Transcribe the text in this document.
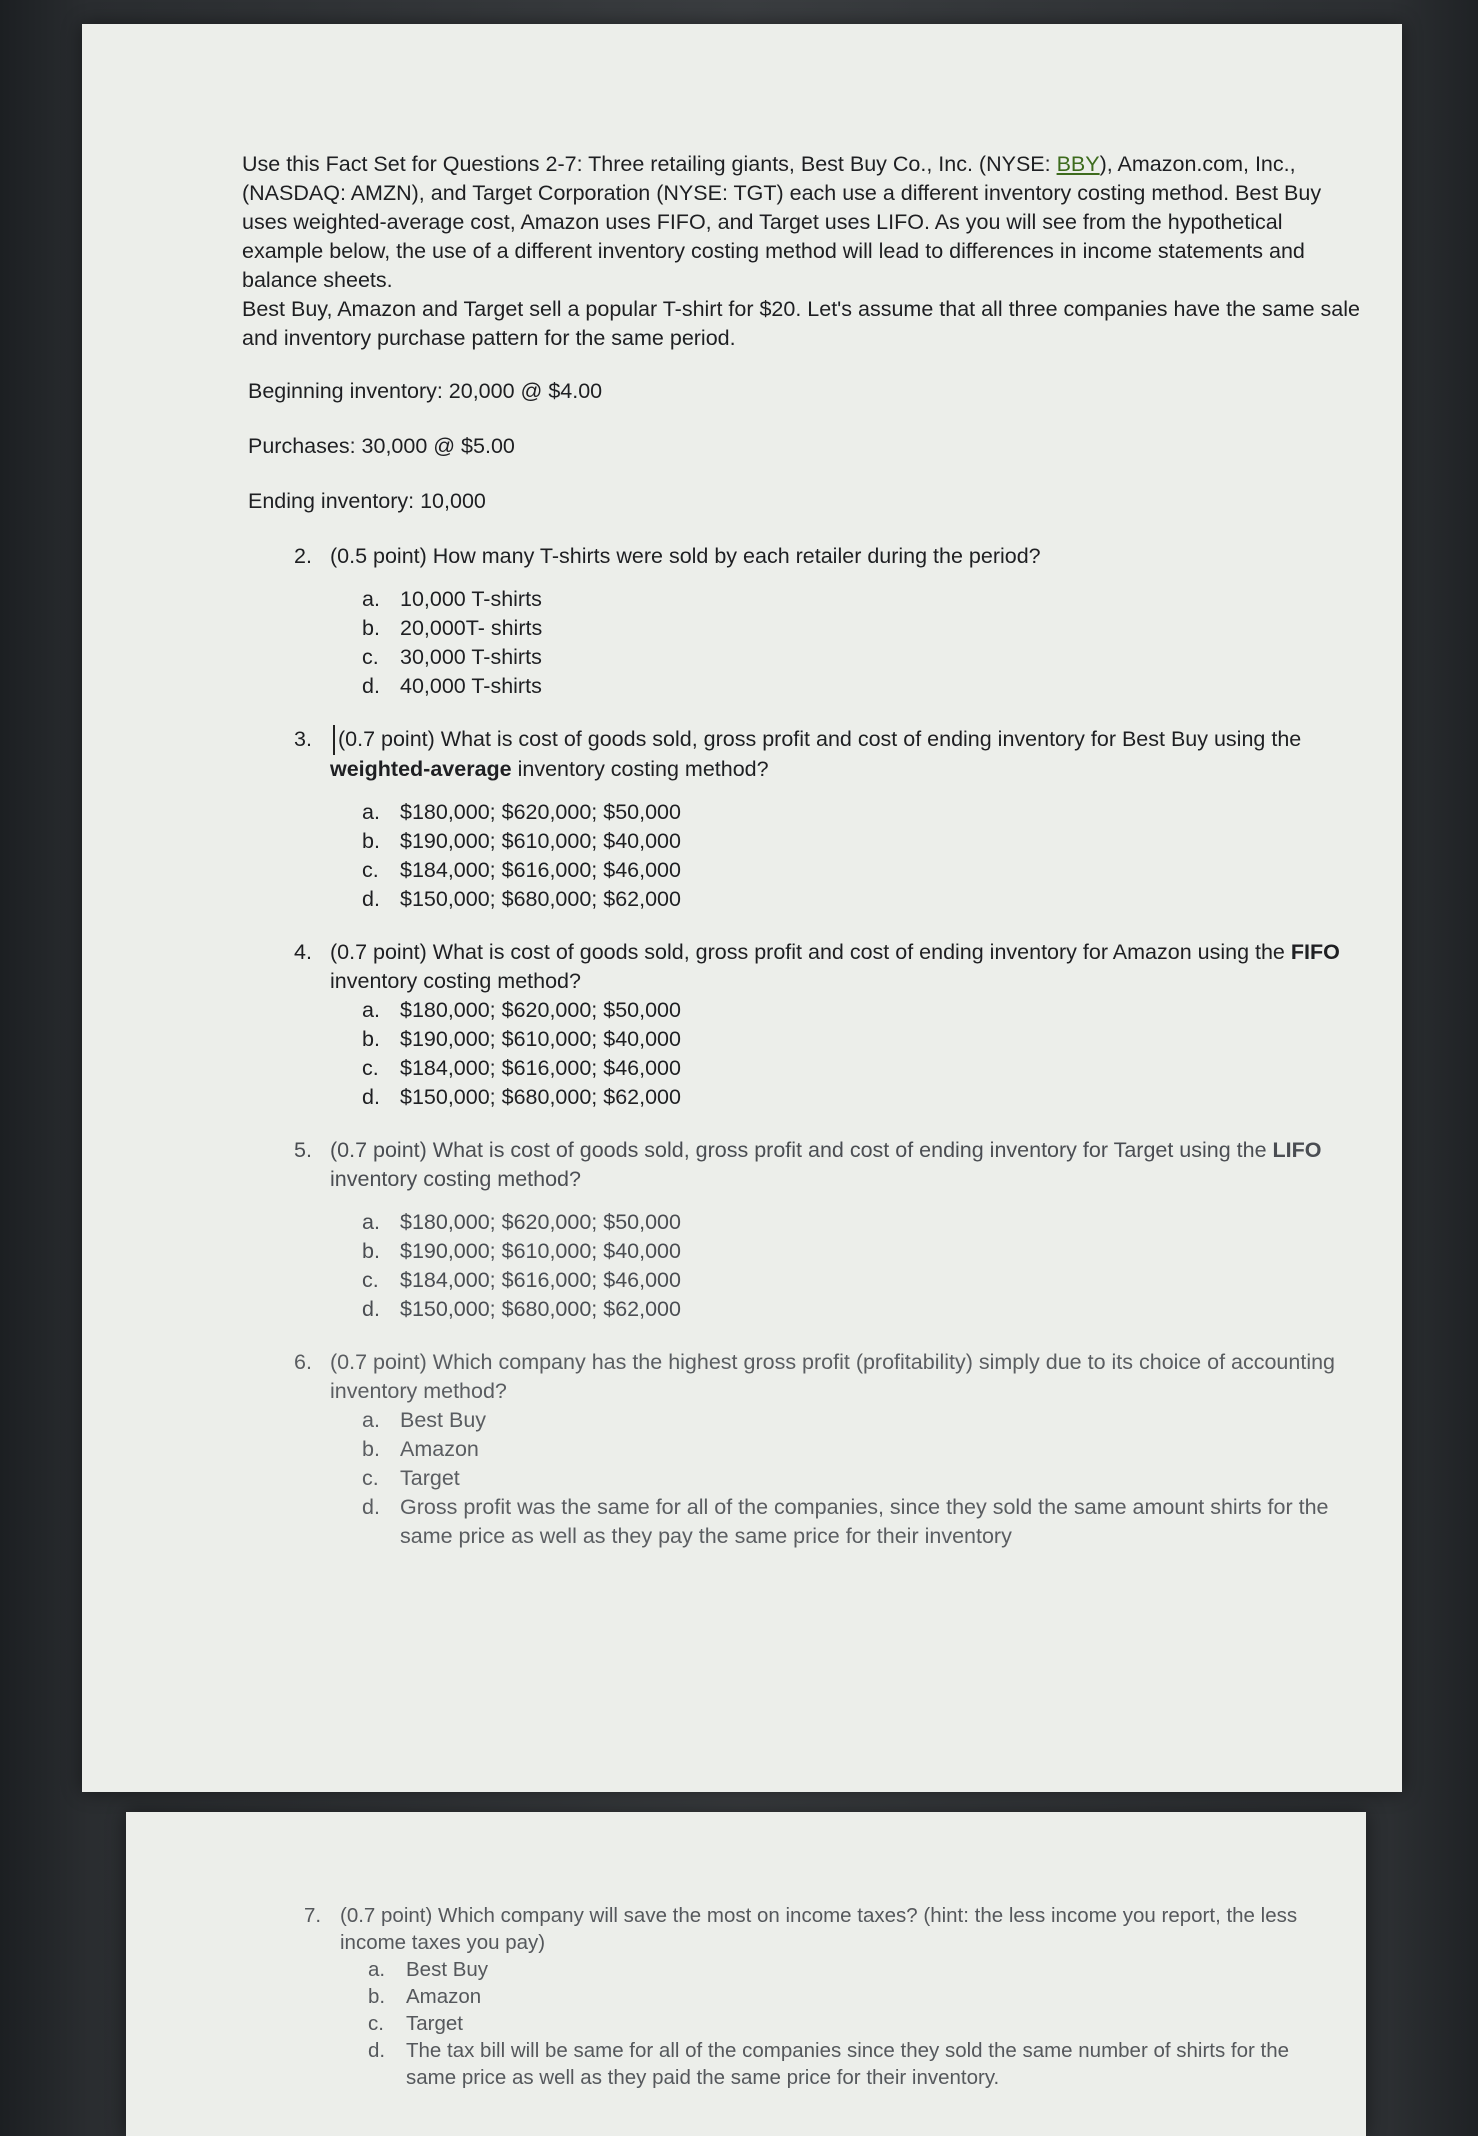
Use this Fact Set for Questions 2-7: Three retailing giants, Best Buy Co., Inc. (NYSE: BBY), Amazon.com, Inc., (NASDAQ: AMZN), and Target Corporation (NYSE: TGT) each use a different inventory costing method. Best Buy uses weighted-average cost, Amazon uses FIFO, and Target uses LIFO. As you will see from the hypothetical example below, the use of a different inventory costing method will lead to differences in income statements and balance sheets.
Best Buy, Amazon and Target sell a popular T-shirt for $20. Let's assume that all three companies have the same sale and inventory purchase pattern for the same period.

Beginning inventory: 20,000 @ $4.00

Purchases: 30,000 @ $5.00

Ending inventory: 10,000

2. (0.5 point) How many T-shirts were sold by each retailer during the period?
a. 10,000 T-shirts
b. 20,000T- shirts
c. 30,000 T-shirts
d. 40,000 T-shirts
3.	(0.7 point) What is cost of goods sold, gross profit and cost of ending inventory for Best Buy using the weighted-average inventory costing method?
a. $180,000; $620,000; $50,000
b. $190,000; $610,000; $40,000
c. $184,000; $616,000; $46,000
d. $150,000; $680,000; $62,000
4. (0.7 point) What is cost of goods sold, gross profit and cost of ending inventory for Amazon using the FIFO inventory costing method?
a. $180,000; $620,000; $50,000
b. $190,000; $610,000; $40,000
c. $184,000; $616,000; $46,000
d. $150,000; $680,000; $62,000
5. (0.7 point) What is cost of goods sold, gross profit and cost of ending inventory for Target using the LIFO inventory costing method?
a. $180,000; $620,000; $50,000
b. $190,000; $610,000; $40,000
c. $184,000; $616,000; $46,000
d. $150,000; $680,000; $62,000
6. (0.7 point) Which company has the highest gross profit (profitability) simply due to its choice of accounting inventory method?
a. Best Buy
b. Amazon
c. Target
d. Gross profit was the same for all of the companies, since they sold the same amount shirts for the same price as well as they pay the same price for their inventory
7. (0.7 point) Which company will save the most on income taxes? (hint: the less income you report, the less income taxes you pay)
a.	Best Buy
b.	Amazon
c.	Target
d.	The tax bill will be same for all of the companies since they sold the same number of shirts for the same price as well as they paid the same price for their inventory.
